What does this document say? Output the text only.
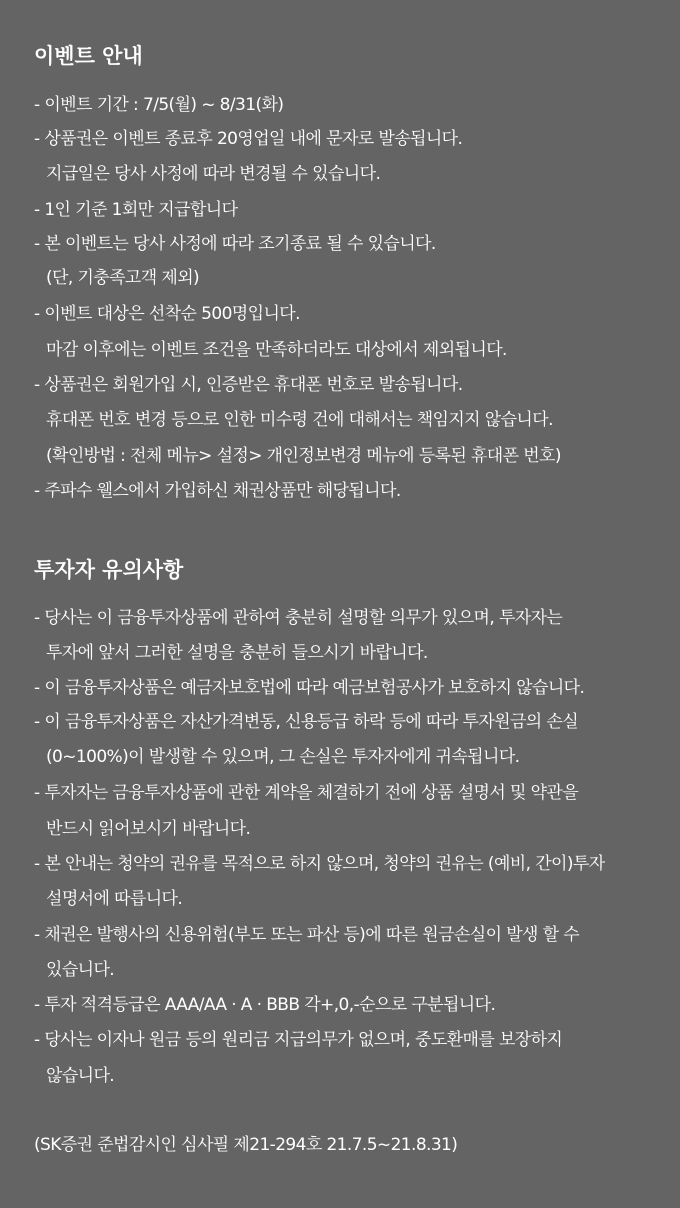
이벤트 안내
- 이벤트 기간 : 7/5(월) ~ 8/31(화)
- 상품권은 이벤트 종료후 20영업일 내에 문자로 발송됩니다.
지급일은 당사 사정에 따라 변경될 수 있습니다.
- 1인 기준 1회만 지급합니다
- 본 이벤트는 당사 사정에 따라 조기종료 될 수 있습니다.
(단, 기충족고객 제외)
- 이벤트 대상은 선착순 500명입니다.
마감 이후에는 이벤트 조건을 만족하더라도 대상에서 제외됩니다.
- 상품권은 회원가입 시, 인증받은 휴대폰 번호로 발송됩니다.
휴대폰 번호 변경 등으로 인한 미수령 건에 대해서는 책임지지 않습니다.
(확인방법 : 전체 메뉴> 설정> 개인정보변경 메뉴에 등록된 휴대폰 번호)
- 주파수 웰스에서 가입하신 채권상품만 해당됩니다.
투자자 유의사항
- 당사는 이 금융투자상품에 관하여 충분히 설명할 의무가 있으며, 투자자는
투자에 앞서 그러한 설명을 충분히 들으시기 바랍니다.
- 이 금융투자상품은 예금자보호법에 따라 예금보험공사가 보호하지 않습니다.
- 이 금융투자상품은 자산가격변동, 신용등급 하락 등에 따라 투자원금의 손실
(0~100%)이 발생할 수 있으며, 그 손실은 투자자에게 귀속됩니다.
- 투자자는 금융투자상품에 관한 계약을 체결하기 전에 상품 설명서 및 약관을
반드시 읽어보시기 바랍니다.
- 본 안내는 청약의 권유를 목적으로 하지 않으며, 청약의 권유는 (예비, 간이)투자
설명서에 따릅니다.
- 채권은 발행사의 신용위험(부도 또는 파산 등)에 따른 원금손실이 발생 할 수
있습니다.
- 투자 적격등급은 AAA/AA · A · BBB 각+,0,-순으로 구분됩니다.
- 당사는 이자나 원금 등의 원리금 지급의무가 없으며, 중도환매를 보장하지
않습니다.
(SK증권 준법감시인 심사필 제21-294호 21.7.5~21.8.31)
